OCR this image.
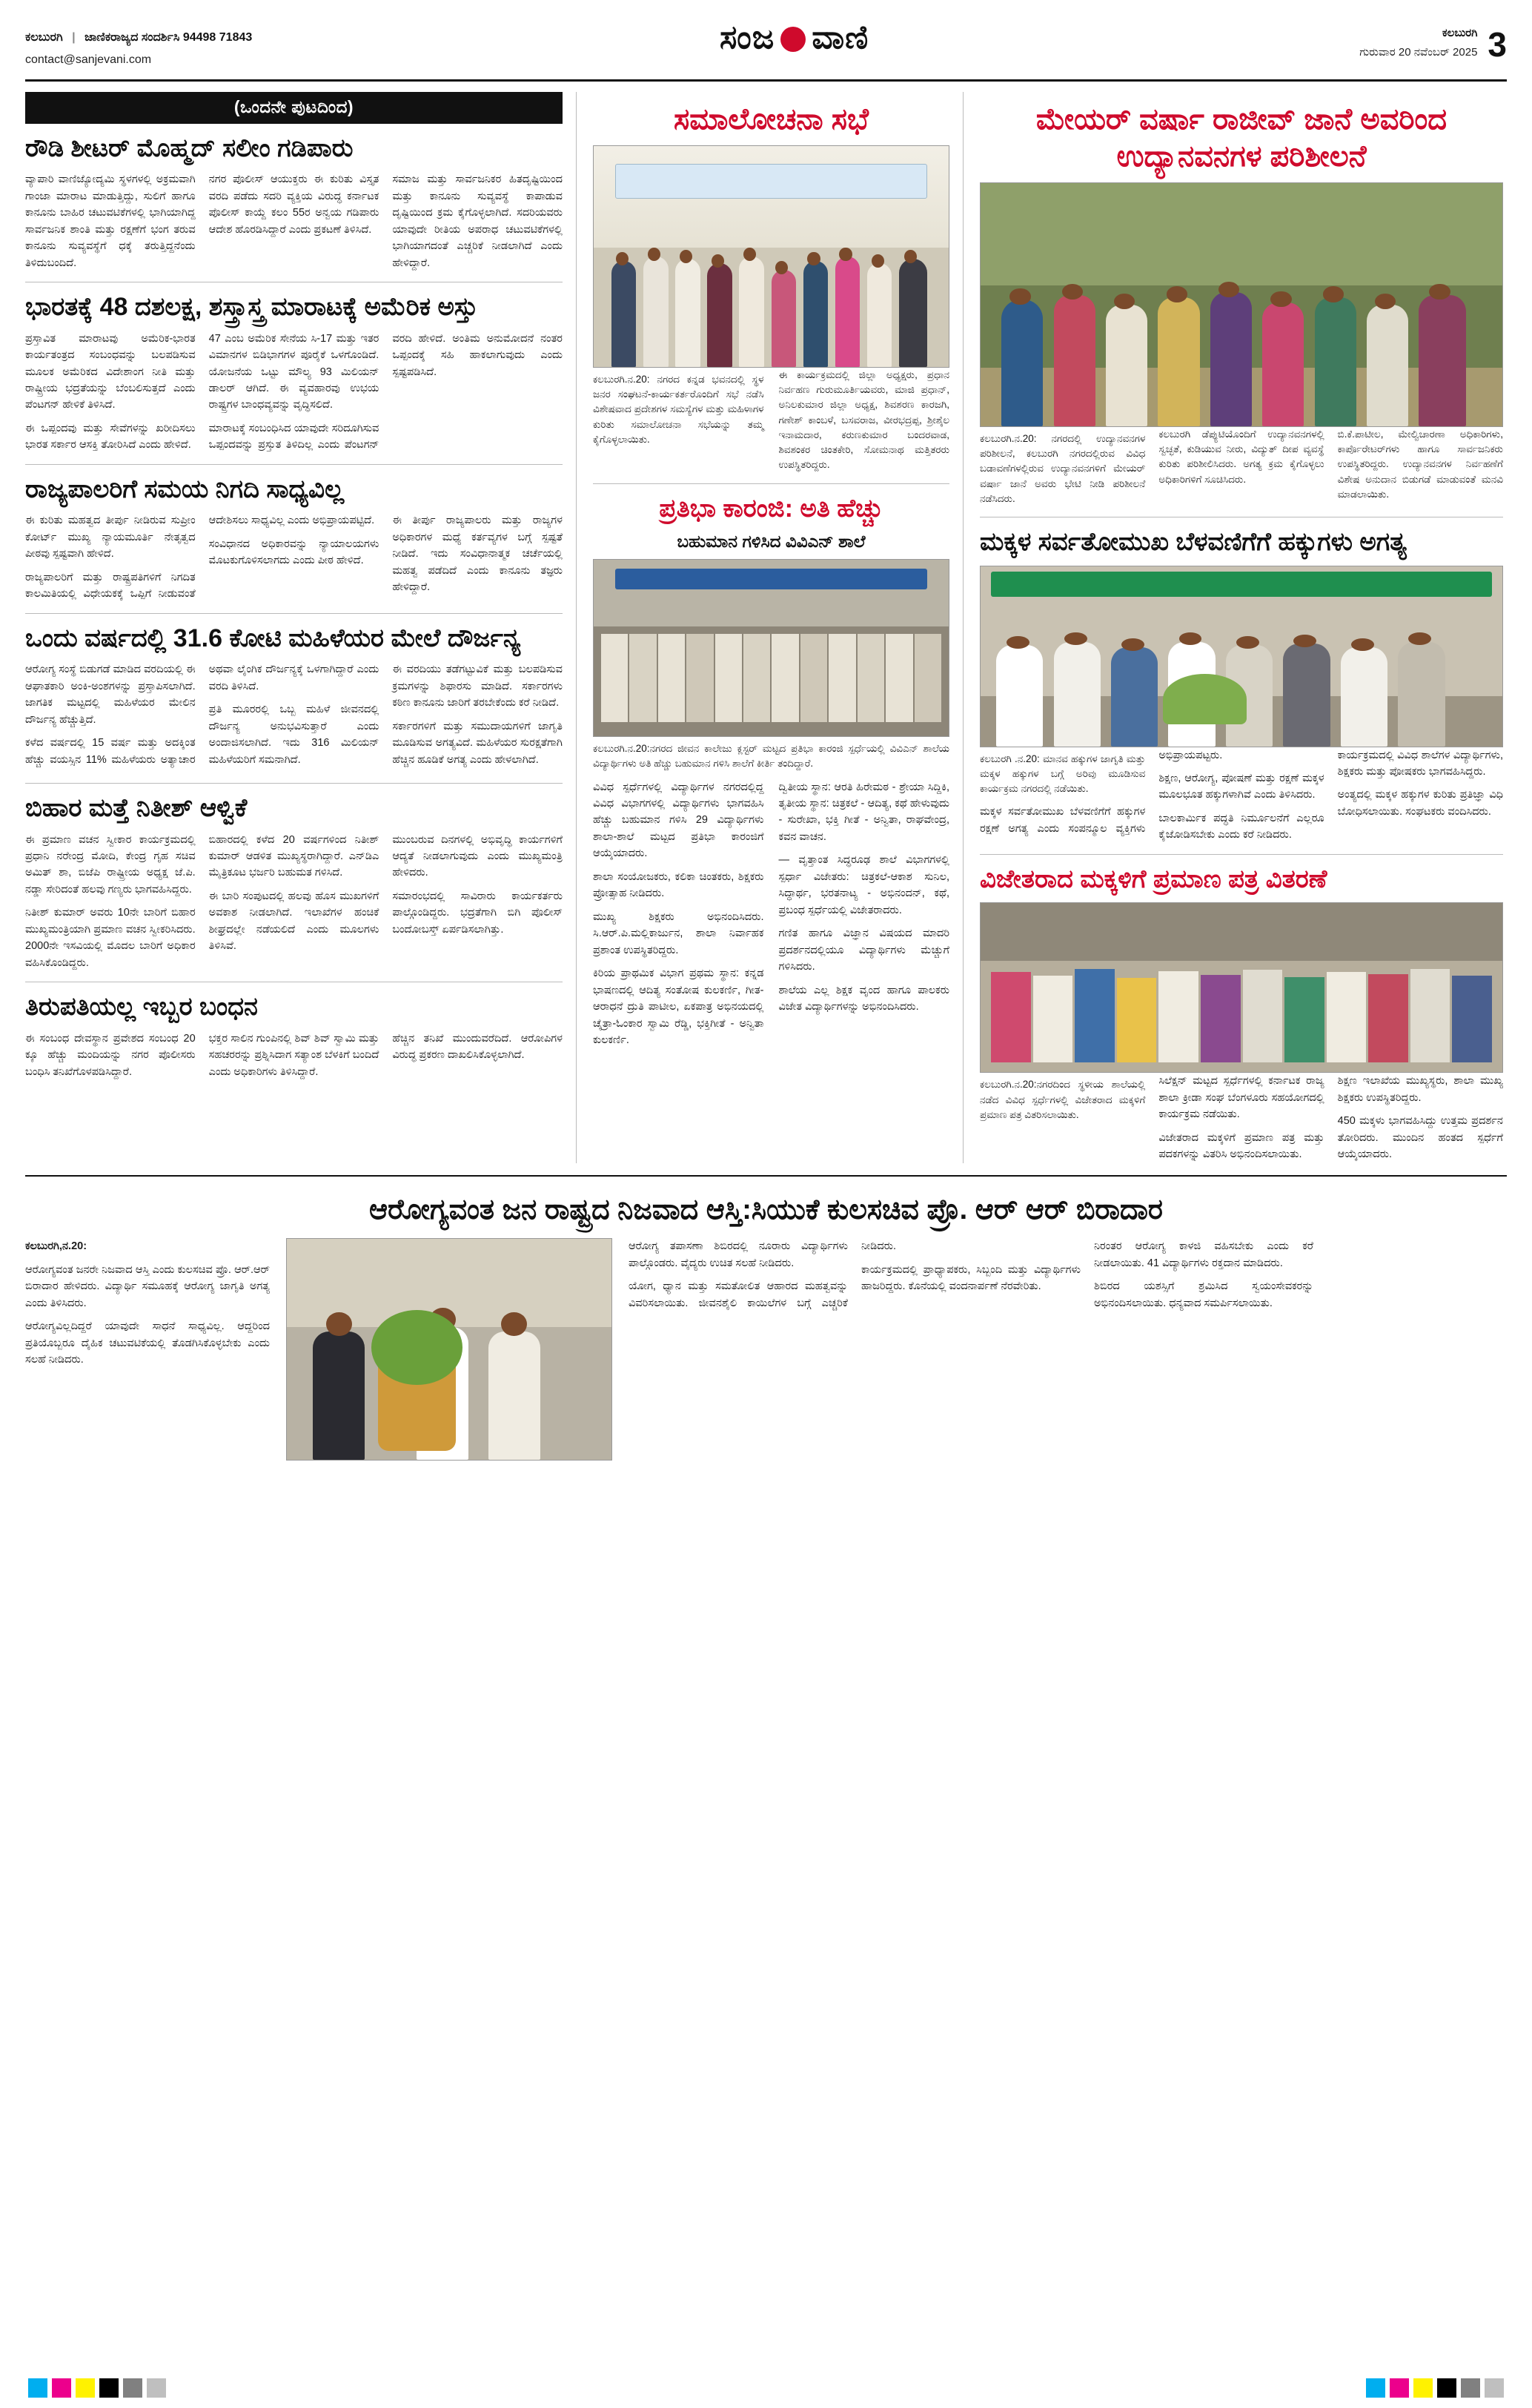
ಕಲಬುರಗಿ | ಜಾಣಿಕರಾಜ್ಯದ ಸಂದರ್ಶಿಸಿ 94498 71843
contact@sanjevani.com
ಸಂಜ ವಾಣಿ	ಕಲಬುರಗಿ
ಗುರುವಾರ 20 ನವೆಂಬರ್ 2025 3
(ಒಂದನೇ ಪುಟದಿಂದ)
ರೌಡಿ ಶೀಟರ್ ಮೊಹ್ಮದ್ ಸಲೀಂ ಗಡಿಪಾರು

ವ್ಯಾಪಾರಿ ವಾಣಿಜ್ಯೋದ್ಯಮಿ ಸ್ಥಳಗಳಲ್ಲಿ ಅಕ್ರಮವಾಗಿ ಗಾಂಜಾ ಮಾರಾಟ ಮಾಡುತ್ತಿದ್ದು, ಸುಲಿಗೆ ಹಾಗೂ ಕಾನೂನು ಬಾಹಿರ ಚಟುವಟಿಕೆಗಳಲ್ಲಿ ಭಾಗಿಯಾಗಿದ್ದ ಸಾರ್ವಜನಿಕ ಶಾಂತಿ ಮತ್ತು ರಕ್ಷಣೆಗೆ ಭಂಗ ತರುವ ಕಾನೂನು ಸುವ್ಯವಸ್ಥೆಗೆ ಧಕ್ಕೆ ತರುತ್ತಿದ್ದನೆಂದು ತಿಳಿದುಬಂದಿದೆ.

ನಗರ ಪೊಲೀಸ್ ಆಯುಕ್ತರು ಈ ಕುರಿತು ವಿಸ್ತೃತ ವರದಿ ಪಡೆದು ಸದರಿ ವ್ಯಕ್ತಿಯ ವಿರುದ್ಧ ಕರ್ನಾಟಕ ಪೊಲೀಸ್ ಕಾಯ್ದೆ ಕಲಂ 55ರ ಅನ್ವಯ ಗಡಿಪಾರು ಆದೇಶ ಹೊರಡಿಸಿದ್ದಾರೆ ಎಂದು ಪ್ರಕಟಣೆ ತಿಳಿಸಿದೆ.

ಸಮಾಜ ಮತ್ತು ಸಾರ್ವಜನಿಕರ ಹಿತದೃಷ್ಟಿಯಿಂದ ಮತ್ತು ಕಾನೂನು ಸುವ್ಯವಸ್ಥೆ ಕಾಪಾಡುವ ದೃಷ್ಟಿಯಿಂದ ಕ್ರಮ ಕೈಗೊಳ್ಳಲಾಗಿದೆ. ಸದರಿಯವರು ಯಾವುದೇ ರೀತಿಯ ಅಪರಾಧ ಚಟುವಟಿಕೆಗಳಲ್ಲಿ ಭಾಗಿಯಾಗದಂತೆ ಎಚ್ಚರಿಕೆ ನೀಡಲಾಗಿದೆ ಎಂದು ಹೇಳಿದ್ದಾರೆ.

ಭಾರತಕ್ಕೆ 48 ದಶಲಕ್ಷ, ಶಸ್ತ್ರಾಸ್ತ್ರ ಮಾರಾಟಕ್ಕೆ ಅಮೆರಿಕ ಅಸ್ತು

ಪ್ರಸ್ತಾವಿತ ಮಾರಾಟವು ಅಮೆರಿಕ-ಭಾರತ ಕಾರ್ಯತಂತ್ರದ ಸಂಬಂಧವನ್ನು ಬಲಪಡಿಸುವ ಮೂಲಕ ಅಮೆರಿಕದ ವಿದೇಶಾಂಗ ನೀತಿ ಮತ್ತು ರಾಷ್ಟ್ರೀಯ ಭದ್ರತೆಯನ್ನು ಬೆಂಬಲಿಸುತ್ತದೆ ಎಂದು ಪೆಂಟಗನ್ ಹೇಳಿಕೆ ತಿಳಿಸಿದೆ.

ಈ ಒಪ್ಪಂದವು ಮತ್ತು ಸೇವೆಗಳನ್ನು ಖರೀದಿಸಲು ಭಾರತ ಸರ್ಕಾರ ಆಸಕ್ತಿ ತೋರಿಸಿದೆ ಎಂದು ಹೇಳಿದೆ.

47 ಎಂಬ ಅಮೆರಿಕ ಸೇನೆಯ ಸಿ-17 ಮತ್ತು ಇತರ ವಿಮಾನಗಳ ಬಿಡಿಭಾಗಗಳ ಪೂರೈಕೆ ಒಳಗೊಂಡಿದೆ. ಯೋಜನೆಯ ಒಟ್ಟು ಮೌಲ್ಯ 93 ಮಿಲಿಯನ್ ಡಾಲರ್ ಆಗಿದೆ. ಈ ವ್ಯವಹಾರವು ಉಭಯ ರಾಷ್ಟ್ರಗಳ ಬಾಂಧವ್ಯವನ್ನು ವೃದ್ಧಿಸಲಿದೆ.

ಮಾರಾಟಕ್ಕೆ ಸಂಬಂಧಿಸಿದ ಯಾವುದೇ ಸರಿದೂಗಿಸುವ ಒಪ್ಪಂದವನ್ನು ಪ್ರಸ್ತುತ ತಿಳಿದಿಲ್ಲ ಎಂದು ಪೆಂಟಗನ್ ವರದಿ ಹೇಳಿದೆ. ಅಂತಿಮ ಅನುಮೋದನೆ ನಂತರ ಒಪ್ಪಂದಕ್ಕೆ ಸಹಿ ಹಾಕಲಾಗುವುದು ಎಂದು ಸ್ಪಷ್ಟಪಡಿಸಿದೆ.

ರಾಜ್ಯಪಾಲರಿಗೆ ಸಮಯ ನಿಗದಿ ಸಾಧ್ಯವಿಲ್ಲ

ಈ ಕುರಿತು ಮಹತ್ವದ ತೀರ್ಪು ನೀಡಿರುವ ಸುಪ್ರೀಂ ಕೋರ್ಟ್ ಮುಖ್ಯ ನ್ಯಾಯಮೂರ್ತಿ ನೇತೃತ್ವದ ಪೀಠವು ಸ್ಪಷ್ಟವಾಗಿ ಹೇಳಿದೆ.

ರಾಜ್ಯಪಾಲರಿಗೆ ಮತ್ತು ರಾಷ್ಟ್ರಪತಿಗಳಿಗೆ ನಿಗದಿತ ಕಾಲಮಿತಿಯಲ್ಲಿ ವಿಧೇಯಕಕ್ಕೆ ಒಪ್ಪಿಗೆ ನೀಡುವಂತೆ ಆದೇಶಿಸಲು ಸಾಧ್ಯವಿಲ್ಲ ಎಂದು ಅಭಿಪ್ರಾಯಪಟ್ಟಿದೆ.

ಸಂವಿಧಾನದ ಅಧಿಕಾರವನ್ನು ನ್ಯಾಯಾಲಯಗಳು ಮೊಟಕುಗೊಳಿಸಲಾಗದು ಎಂದು ಪೀಠ ಹೇಳಿದೆ.

ಈ ತೀರ್ಪು ರಾಜ್ಯಪಾಲರು ಮತ್ತು ರಾಜ್ಯಗಳ ಅಧಿಕಾರಗಳ ಮಧ್ಯೆ ಕರ್ತವ್ಯಗಳ ಬಗ್ಗೆ ಸ್ಪಷ್ಟತೆ ನೀಡಿದೆ. ಇದು ಸಂವಿಧಾನಾತ್ಮಕ ಚರ್ಚೆಯಲ್ಲಿ ಮಹತ್ವ ಪಡೆದಿದೆ ಎಂದು ಕಾನೂನು ತಜ್ಞರು ಹೇಳಿದ್ದಾರೆ.

ಒಂದು ವರ್ಷದಲ್ಲಿ 31.6 ಕೋಟಿ ಮಹಿಳೆಯರ ಮೇಲೆ ದೌರ್ಜನ್ಯ

ಆರೋಗ್ಯ ಸಂಸ್ಥೆ ಬಿಡುಗಡೆ ಮಾಡಿದ ವರದಿಯಲ್ಲಿ ಈ ಆಘಾತಕಾರಿ ಅಂಕಿ-ಅಂಶಗಳನ್ನು ಪ್ರಸ್ತಾಪಿಸಲಾಗಿದೆ. ಜಾಗತಿಕ ಮಟ್ಟದಲ್ಲಿ ಮಹಿಳೆಯರ ಮೇಲಿನ ದೌರ್ಜನ್ಯ ಹೆಚ್ಚುತ್ತಿದೆ.

ಕಳೆದ ವರ್ಷದಲ್ಲಿ 15 ವರ್ಷ ಮತ್ತು ಅದಕ್ಕಿಂತ ಹೆಚ್ಚು ವಯಸ್ಸಿನ 11% ಮಹಿಳೆಯರು ಅತ್ಯಾಚಾರ ಅಥವಾ ಲೈಂಗಿಕ ದೌರ್ಜನ್ಯಕ್ಕೆ ಒಳಗಾಗಿದ್ದಾರೆ ಎಂದು ವರದಿ ತಿಳಿಸಿದೆ.

ಪ್ರತಿ ಮೂರರಲ್ಲಿ ಒಬ್ಬ ಮಹಿಳೆ ಜೀವನದಲ್ಲಿ ದೌರ್ಜನ್ಯ ಅನುಭವಿಸುತ್ತಾರೆ ಎಂದು ಅಂದಾಜಿಸಲಾಗಿದೆ. ಇದು 316 ಮಿಲಿಯನ್ ಮಹಿಳೆಯರಿಗೆ ಸಮನಾಗಿದೆ.

ಈ ವರದಿಯು ತಡೆಗಟ್ಟುವಿಕೆ ಮತ್ತು ಬಲಪಡಿಸುವ ಕ್ರಮಗಳನ್ನು ಶಿಫಾರಸು ಮಾಡಿದೆ. ಸರ್ಕಾರಗಳು ಕಠಿಣ ಕಾನೂನು ಜಾರಿಗೆ ತರಬೇಕೆಂದು ಕರೆ ನೀಡಿದೆ.

ಸರ್ಕಾರಗಳಿಗೆ ಮತ್ತು ಸಮುದಾಯಗಳಿಗೆ ಜಾಗೃತಿ ಮೂಡಿಸುವ ಅಗತ್ಯವಿದೆ. ಮಹಿಳೆಯರ ಸುರಕ್ಷತೆಗಾಗಿ ಹೆಚ್ಚಿನ ಹೂಡಿಕೆ ಅಗತ್ಯ ಎಂದು ಹೇಳಲಾಗಿದೆ.

ಬಿಹಾರ ಮತ್ತೆ ನಿತೀಶ್ ಆಳ್ವಿಕೆ

ಈ ಪ್ರಮಾಣ ವಚನ ಸ್ವೀಕಾರ ಕಾರ್ಯಕ್ರಮದಲ್ಲಿ ಪ್ರಧಾನಿ ನರೇಂದ್ರ ಮೋದಿ, ಕೇಂದ್ರ ಗೃಹ ಸಚಿವ ಅಮಿತ್ ಶಾ, ಬಿಜೆಪಿ ರಾಷ್ಟ್ರೀಯ ಅಧ್ಯಕ್ಷ ಜೆ.ಪಿ. ನಡ್ಡಾ ಸೇರಿದಂತೆ ಹಲವು ಗಣ್ಯರು ಭಾಗವಹಿಸಿದ್ದರು.

ನಿತೀಶ್ ಕುಮಾರ್ ಅವರು 10ನೇ ಬಾರಿಗೆ ಬಿಹಾರ ಮುಖ್ಯಮಂತ್ರಿಯಾಗಿ ಪ್ರಮಾಣ ವಚನ ಸ್ವೀಕರಿಸಿದರು. 2000ನೇ ಇಸವಿಯಲ್ಲಿ ಮೊದಲ ಬಾರಿಗೆ ಅಧಿಕಾರ ವಹಿಸಿಕೊಂಡಿದ್ದರು.

ಬಿಹಾರದಲ್ಲಿ ಕಳೆದ 20 ವರ್ಷಗಳಿಂದ ನಿತೀಶ್ ಕುಮಾರ್ ಆಡಳಿತ ಮುಖ್ಯಸ್ಥರಾಗಿದ್ದಾರೆ. ಎನ್‌ಡಿಎ ಮೈತ್ರಿಕೂಟ ಭರ್ಜರಿ ಬಹುಮತ ಗಳಿಸಿದೆ.

ಈ ಬಾರಿ ಸಂಪುಟದಲ್ಲಿ ಹಲವು ಹೊಸ ಮುಖಗಳಿಗೆ ಅವಕಾಶ ನೀಡಲಾಗಿದೆ. ಇಲಾಖೆಗಳ ಹಂಚಿಕೆ ಶೀಘ್ರದಲ್ಲೇ ನಡೆಯಲಿದೆ ಎಂದು ಮೂಲಗಳು ತಿಳಿಸಿವೆ.

ಮುಂಬರುವ ದಿನಗಳಲ್ಲಿ ಅಭಿವೃದ್ಧಿ ಕಾರ್ಯಗಳಿಗೆ ಆದ್ಯತೆ ನೀಡಲಾಗುವುದು ಎಂದು ಮುಖ್ಯಮಂತ್ರಿ ಹೇಳಿದರು.

ಸಮಾರಂಭದಲ್ಲಿ ಸಾವಿರಾರು ಕಾರ್ಯಕರ್ತರು ಪಾಲ್ಗೊಂಡಿದ್ದರು. ಭದ್ರತೆಗಾಗಿ ಬಿಗಿ ಪೊಲೀಸ್ ಬಂದೋಬಸ್ತ್ ಏರ್ಪಡಿಸಲಾಗಿತ್ತು.

ತಿರುಪತಿಯಲ್ಲ ಇಬ್ಬರ ಬಂಧನ

ಈ ಸಂಬಂಧ ದೇವಸ್ಥಾನ ಪ್ರವೇಶದ ಸಂಬಂಧ 20 ಕ್ಕೂ ಹೆಚ್ಚು ಮಂದಿಯನ್ನು ನಗರ ಪೊಲೀಸರು ಬಂಧಿಸಿ ತನಿಖೆಗೊಳಪಡಿಸಿದ್ದಾರೆ.

ಭಕ್ತರ ಸಾಲಿನ ಗುಂಪಿನಲ್ಲಿ ಶಿವ್ ಶಿವ್ ಸ್ವಾಮಿ ಮತ್ತು ಸಹಚರರನ್ನು ಪ್ರಶ್ನಿಸಿದಾಗ ಸತ್ಯಾಂಶ ಬೆಳಕಿಗೆ ಬಂದಿದೆ ಎಂದು ಅಧಿಕಾರಿಗಳು ತಿಳಿಸಿದ್ದಾರೆ.

ಹೆಚ್ಚಿನ ತನಿಖೆ ಮುಂದುವರೆದಿದೆ. ಆರೋಪಿಗಳ ವಿರುದ್ಧ ಪ್ರಕರಣ ದಾಖಲಿಸಿಕೊಳ್ಳಲಾಗಿದೆ.

ಸಮಾಲೋಚನಾ ಸಭೆ

ಕಲಬುರಗಿ.ನ.20: ನಗರದ ಕನ್ನಡ ಭವನದಲ್ಲಿ ಸ್ಥಳ ಜನರ ಸಂಘಟನೆ-ಕಾರ್ಯಕರ್ತರೊಂದಿಗೆ ಸಭೆ ನಡೆಸಿ ವಿಶೇಷವಾದ ಪ್ರದೇಶಗಳ ಸಮಸ್ಯೆಗಳ ಮತ್ತು ಮಹಿಳಾಗಳ ಕುರಿತು ಸಮಾಲೋಚನಾ ಸಭೆಯನ್ನು ತಮ್ಮ ಕೈಗೊಳ್ಳಲಾಯಿತು.

ಈ ಕಾರ್ಯಕ್ರಮದಲ್ಲಿ ಜಿಲ್ಲಾ ಅಧ್ಯಕ್ಷರು, ಪ್ರಧಾನ ನಿರ್ವಹಣ ಗುರುಮೂರ್ತಿಯವರು, ಮಾಜಿ ಪ್ರಧಾನ್, ಅನಿಲಕುಮಾರ ಜಿಲ್ಲಾ ಅಧ್ಯಕ್ಷ, ಶಿವಶರಣ ಕಾರಜಗಿ, ಗಣೇಶ್ ಕಾಂಬಳೆ, ಬಸವರಾಜ, ವೀರಭದ್ರಪ್ಪ, ಶ್ರೀಶೈಲ ಇನಾಮದಾರ, ಕರುಣಕುಮಾರ ಬಂದರವಾಡ, ಶಿವಶಂಕರ ಚಿಂತಕೇರಿ, ಸೋಮನಾಥ ಮತ್ತಿತರರು ಉಪಸ್ಥಿತರಿದ್ದರು.

ಪ್ರತಿಭಾ ಕಾರಂಜಿ: ಅತಿ ಹೆಚ್ಚು
ಬಹುಮಾನ ಗಳಿಸಿದ ವಿವಿಎನ್ ಶಾಲೆ

ಕಲಬುರಗಿ.ನ.20:ನಗರದ ಜೀವನ ಕಾಲೇಜು ಕ್ಲಸ್ಟರ್ ಮಟ್ಟದ ಪ್ರತಿಭಾ ಕಾರಂಜಿ ಸ್ಪರ್ಧೆಯಲ್ಲಿ ವಿವಿಎನ್ ಶಾಲೆಯ ವಿದ್ಯಾರ್ಥಿಗಳು ಅತಿ ಹೆಚ್ಚು ಬಹುಮಾನ ಗಳಿಸಿ ಶಾಲೆಗೆ ಕೀರ್ತಿ ತಂದಿದ್ದಾರೆ.

ವಿವಿಧ ಸ್ಪರ್ಧೆಗಳಲ್ಲಿ ವಿದ್ಯಾರ್ಥಿಗಳ ನಗರದಲ್ಲಿದ್ದ ವಿವಿಧ ವಿಭಾಗಗಳಲ್ಲಿ ವಿದ್ಯಾರ್ಥಿಗಳು ಭಾಗವಹಿಸಿ ಹೆಚ್ಚು ಬಹುಮಾನ ಗಳಿಸಿ 29 ವಿದ್ಯಾರ್ಥಿಗಳು ಶಾಲಾ-ಶಾಲೆ ಮಟ್ಟದ ಪ್ರತಿಭಾ ಕಾರಂಜಿಗೆ ಆಯ್ಕೆಯಾದರು.

ಶಾಲಾ ಸಂಯೋಜಕರು, ಕಲಿಕಾ ಚಿಂತಕರು, ಶಿಕ್ಷಕರು ಪ್ರೋತ್ಸಾಹ ನೀಡಿದರು.

ಮುಖ್ಯ ಶಿಕ್ಷಕರು ಅಭಿನಂದಿಸಿದರು. ಸಿ.ಆರ್.ಪಿ.ಮಲ್ಲಿಕಾರ್ಜುನ, ಶಾಲಾ ನಿರ್ವಾಹಕ ಪ್ರಶಾಂತ ಉಪಸ್ಥಿತರಿದ್ದರು.

ಕಿರಿಯ ಪ್ರಾಥಮಿಕ ವಿಭಾಗ ಪ್ರಥಮ ಸ್ಥಾನ: ಕನ್ನಡ ಭಾಷಣದಲ್ಲಿ ಆದಿತ್ಯ ಸಂತೋಷ ಕುಲಕರ್ಣಿ, ಗೀತ-ಆರಾಧನೆ ದ್ರುತಿ ಪಾಟೀಲ, ಏಕಪಾತ್ರ ಅಭಿನಯದಲ್ಲಿ ಚೈತ್ರಾ-ಓಂಕಾರ ಸ್ವಾಮಿ ರೆಡ್ಡಿ, ಭಕ್ತಿಗೀತೆ - ಅನ್ವಿತಾ ಕುಲಕರ್ಣಿ.

ದ್ವಿತೀಯ ಸ್ಥಾನ: ಆರತಿ ಹಿರೇಮಠ - ಶ್ರೇಯಾ ಸಿದ್ದಿಕಿ, ತೃತೀಯ ಸ್ಥಾನ: ಚಿತ್ರಕಲೆ - ಆದಿತ್ಯ, ಕಥೆ ಹೇಳುವುದು - ಸುರೇಖಾ, ಭಕ್ತಿ ಗೀತೆ - ಅನ್ವಿತಾ, ರಾಘವೇಂದ್ರ, ಕವನ ವಾಚನ.

— ವೃತ್ತಾಂತ ಸಿದ್ಧರೂಢ ಶಾಲೆ ವಿಭಾಗಗಳಲ್ಲಿ ಸ್ಪರ್ಧಾ ವಿಜೇತರು: ಚಿತ್ರಕಲೆ-ಆಕಾಶ ಸುನಿಲ, ಸಿದ್ಧಾರ್ಥ, ಭರತನಾಟ್ಯ - ಅಭಿನಂದನ್, ಕಥೆ, ಪ್ರಬಂಧ ಸ್ಪರ್ಧೆಯಲ್ಲಿ ವಿಜೇತರಾದರು.

ಗಣಿತ ಹಾಗೂ ವಿಜ್ಞಾನ ವಿಷಯದ ಮಾದರಿ ಪ್ರದರ್ಶನದಲ್ಲಿಯೂ ವಿದ್ಯಾರ್ಥಿಗಳು ಮೆಚ್ಚುಗೆ ಗಳಿಸಿದರು.

ಶಾಲೆಯ ಎಲ್ಲ ಶಿಕ್ಷಕ ವೃಂದ ಹಾಗೂ ಪಾಲಕರು ವಿಜೇತ ವಿದ್ಯಾರ್ಥಿಗಳನ್ನು ಅಭಿನಂದಿಸಿದರು.

ಮೇಯರ್ ವರ್ಷಾ ರಾಜೀವ್ ಜಾನೆ ಅವರಿಂದ ಉದ್ಯಾನವನಗಳ ಪರಿಶೀಲನೆ

ಕಲಬುರಗಿ.ನ.20: ನಗರದಲ್ಲಿ ಉದ್ಯಾನವನಗಳ ಪರಿಶೀಲನೆ, ಕಲಬುರಗಿ ನಗರದಲ್ಲಿರುವ ವಿವಿಧ ಬಡಾವಣೆಗಳಲ್ಲಿರುವ ಉದ್ಯಾನವನಗಳಿಗೆ ಮೇಯರ್ ವರ್ಷಾ ಜಾನೆ ಅವರು ಭೇಟಿ ನೀಡಿ ಪರಿಶೀಲನೆ ನಡೆಸಿದರು.

ಕಲಬುರಗಿ ಡೆಪ್ಯುಟಿಯೊಂದಿಗೆ ಉದ್ಯಾನವನಗಳಲ್ಲಿ ಸ್ವಚ್ಛತೆ, ಕುಡಿಯುವ ನೀರು, ವಿದ್ಯುತ್ ದೀಪ ವ್ಯವಸ್ಥೆ ಕುರಿತು ಪರಿಶೀಲಿಸಿದರು. ಅಗತ್ಯ ಕ್ರಮ ಕೈಗೊಳ್ಳಲು ಅಧಿಕಾರಿಗಳಿಗೆ ಸೂಚಿಸಿದರು.

ಬಿ.ಕೆ.ಪಾಟೀಲ, ಮೇಲ್ವಿಚಾರಣಾ ಅಧಿಕಾರಿಗಳು, ಕಾರ್ಪೊರೇಟರ್‌ಗಳು ಹಾಗೂ ಸಾರ್ವಜನಿಕರು ಉಪಸ್ಥಿತರಿದ್ದರು. ಉದ್ಯಾನವನಗಳ ನಿರ್ವಹಣೆಗೆ ವಿಶೇಷ ಅನುದಾನ ಬಿಡುಗಡೆ ಮಾಡುವಂತೆ ಮನವಿ ಮಾಡಲಾಯಿತು.

ಮಕ್ಕಳ ಸರ್ವತೋಮುಖ ಬೆಳವಣಿಗೆಗೆ ಹಕ್ಕುಗಳು ಅಗತ್ಯ

ಕಲಬುರಗಿ .ನ.20: ಮಾನವ ಹಕ್ಕುಗಳ ಜಾಗೃತಿ ಮತ್ತು ಮಕ್ಕಳ ಹಕ್ಕುಗಳ ಬಗ್ಗೆ ಅರಿವು ಮೂಡಿಸುವ ಕಾರ್ಯಕ್ರಮ ನಗರದಲ್ಲಿ ನಡೆಯಿತು.

ಮಕ್ಕಳ ಸರ್ವತೋಮುಖ ಬೆಳವಣಿಗೆಗೆ ಹಕ್ಕುಗಳ ರಕ್ಷಣೆ ಅಗತ್ಯ ಎಂದು ಸಂಪನ್ಮೂಲ ವ್ಯಕ್ತಿಗಳು ಅಭಿಪ್ರಾಯಪಟ್ಟರು.

ಶಿಕ್ಷಣ, ಆರೋಗ್ಯ, ಪೋಷಣೆ ಮತ್ತು ರಕ್ಷಣೆ ಮಕ್ಕಳ ಮೂಲಭೂತ ಹಕ್ಕುಗಳಾಗಿವೆ ಎಂದು ತಿಳಿಸಿದರು.

ಬಾಲಕಾರ್ಮಿಕ ಪದ್ಧತಿ ನಿರ್ಮೂಲನೆಗೆ ಎಲ್ಲರೂ ಕೈಜೋಡಿಸಬೇಕು ಎಂದು ಕರೆ ನೀಡಿದರು.

ಕಾರ್ಯಕ್ರಮದಲ್ಲಿ ವಿವಿಧ ಶಾಲೆಗಳ ವಿದ್ಯಾರ್ಥಿಗಳು, ಶಿಕ್ಷಕರು ಮತ್ತು ಪೋಷಕರು ಭಾಗವಹಿಸಿದ್ದರು.

ಅಂತ್ಯದಲ್ಲಿ ಮಕ್ಕಳ ಹಕ್ಕುಗಳ ಕುರಿತು ಪ್ರತಿಜ್ಞಾ ವಿಧಿ ಬೋಧಿಸಲಾಯಿತು. ಸಂಘಟಕರು ವಂದಿಸಿದರು.

ವಿಜೇತರಾದ ಮಕ್ಕಳಿಗೆ ಪ್ರಮಾಣ ಪತ್ರ ವಿತರಣೆ

ಕಲಬುರಗಿ.ನ.20:ನಗರದಿಂದ ಸ್ಥಳೀಯ ಶಾಲೆಯಲ್ಲಿ ನಡೆದ ವಿವಿಧ ಸ್ಪರ್ಧೆಗಳಲ್ಲಿ ವಿಜೇತರಾದ ಮಕ್ಕಳಿಗೆ ಪ್ರಮಾಣ ಪತ್ರ ವಿತರಿಸಲಾಯಿತು.

ಸಿಲೆಕ್ಷನ್ ಮಟ್ಟದ ಸ್ಪರ್ಧೆಗಳಲ್ಲಿ ಕರ್ನಾಟಕ ರಾಜ್ಯ ಶಾಲಾ ಕ್ರೀಡಾ ಸಂಘ ಬೆಂಗಳೂರು ಸಹಯೋಗದಲ್ಲಿ ಕಾರ್ಯಕ್ರಮ ನಡೆಯಿತು.

ವಿಜೇತರಾದ ಮಕ್ಕಳಿಗೆ ಪ್ರಮಾಣ ಪತ್ರ ಮತ್ತು ಪದಕಗಳನ್ನು ವಿತರಿಸಿ ಅಭಿನಂದಿಸಲಾಯಿತು.

ಶಿಕ್ಷಣ ಇಲಾಖೆಯ ಮುಖ್ಯಸ್ಥರು, ಶಾಲಾ ಮುಖ್ಯ ಶಿಕ್ಷಕರು ಉಪಸ್ಥಿತರಿದ್ದರು.

450 ಮಕ್ಕಳು ಭಾಗವಹಿಸಿದ್ದು ಉತ್ತಮ ಪ್ರದರ್ಶನ ತೋರಿದರು. ಮುಂದಿನ ಹಂತದ ಸ್ಪರ್ಧೆಗೆ ಆಯ್ಕೆಯಾದರು.

ಆರೋಗ್ಯವಂತ ಜನ ರಾಷ್ಟ್ರದ ನಿಜವಾದ ಆಸ್ತಿ:ಸಿಯುಕೆ ಕುಲಸಚಿವ ಪ್ರೊ. ಆರ್ ಆರ್ ಬಿರಾದಾರ

ಕಲಬುರಗಿ,ನ.20:

ಆರೋಗ್ಯವಂತ ಜನರೇ ನಿಜವಾದ ಆಸ್ತಿ ಎಂದು ಕುಲಸಚಿವ ಪ್ರೊ. ಆರ್.ಆರ್ ಬಿರಾದಾರ ಹೇಳಿದರು. ವಿದ್ಯಾರ್ಥಿ ಸಮೂಹಕ್ಕೆ ಆರೋಗ್ಯ ಜಾಗೃತಿ ಅಗತ್ಯ ಎಂದು ತಿಳಿಸಿದರು.

ಆರೋಗ್ಯವಿಲ್ಲದಿದ್ದರೆ ಯಾವುದೇ ಸಾಧನೆ ಸಾಧ್ಯವಿಲ್ಲ. ಆದ್ದರಿಂದ ಪ್ರತಿಯೊಬ್ಬರೂ ದೈಹಿಕ ಚಟುವಟಿಕೆಯಲ್ಲಿ ತೊಡಗಿಸಿಕೊಳ್ಳಬೇಕು ಎಂದು ಸಲಹೆ ನೀಡಿದರು.

ಆರೋಗ್ಯ ತಪಾಸಣಾ ಶಿಬಿರದಲ್ಲಿ ನೂರಾರು ವಿದ್ಯಾರ್ಥಿಗಳು ಪಾಲ್ಗೊಂಡರು. ವೈದ್ಯರು ಉಚಿತ ಸಲಹೆ ನೀಡಿದರು.

ಯೋಗ, ಧ್ಯಾನ ಮತ್ತು ಸಮತೋಲಿತ ಆಹಾರದ ಮಹತ್ವವನ್ನು ವಿವರಿಸಲಾಯಿತು. ಜೀವನಶೈಲಿ ಕಾಯಿಲೆಗಳ ಬಗ್ಗೆ ಎಚ್ಚರಿಕೆ ನೀಡಿದರು.

ಕಾರ್ಯಕ್ರಮದಲ್ಲಿ ಪ್ರಾಧ್ಯಾಪಕರು, ಸಿಬ್ಬಂದಿ ಮತ್ತು ವಿದ್ಯಾರ್ಥಿಗಳು ಹಾಜರಿದ್ದರು. ಕೊನೆಯಲ್ಲಿ ವಂದನಾರ್ಪಣೆ ನೆರವೇರಿತು.

ನಿರಂತರ ಆರೋಗ್ಯ ಕಾಳಜಿ ವಹಿಸಬೇಕು ಎಂದು ಕರೆ ನೀಡಲಾಯಿತು. 41 ವಿದ್ಯಾರ್ಥಿಗಳು ರಕ್ತದಾನ ಮಾಡಿದರು.

ಶಿಬಿರದ ಯಶಸ್ಸಿಗೆ ಶ್ರಮಿಸಿದ ಸ್ವಯಂಸೇವಕರನ್ನು ಅಭಿನಂದಿಸಲಾಯಿತು. ಧನ್ಯವಾದ ಸಮರ್ಪಿಸಲಾಯಿತು.
